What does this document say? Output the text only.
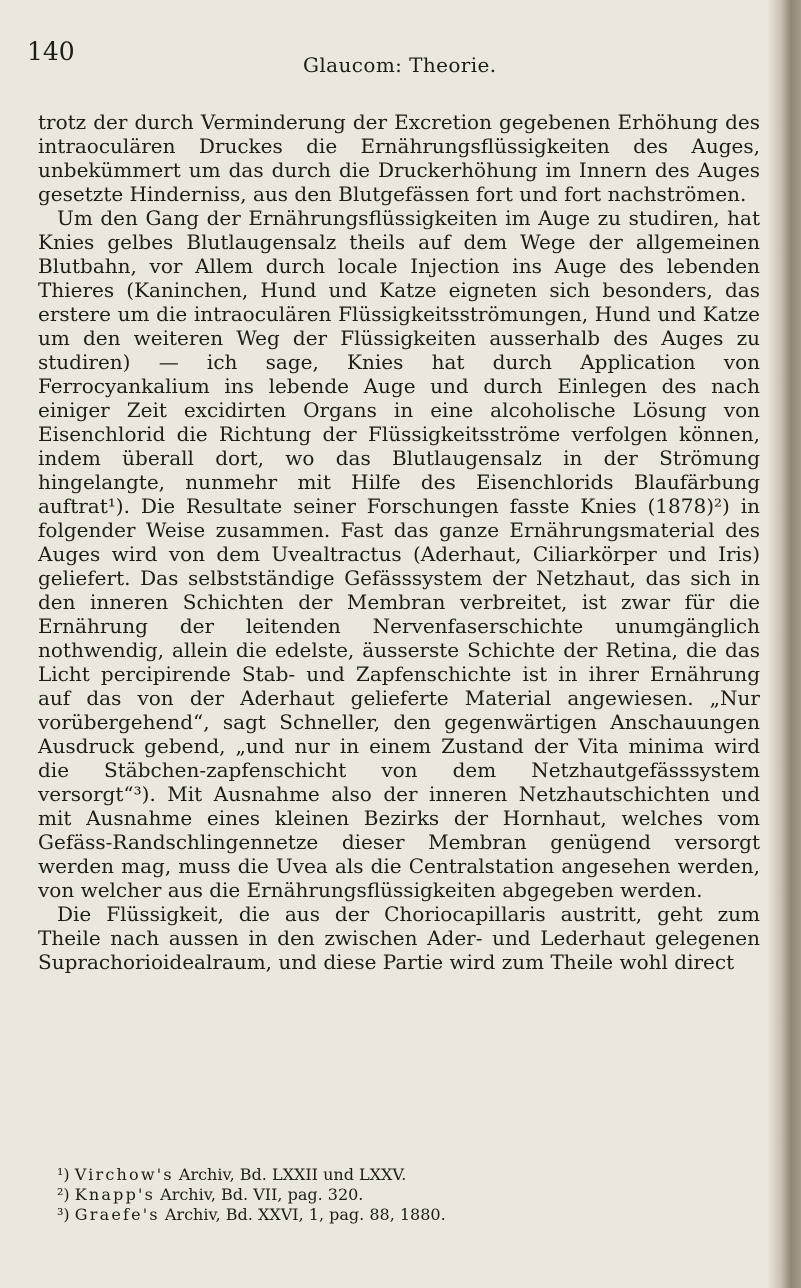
140	Glaucom: Theorie.

trotz der durch Verminderung der Excretion gegebenen Erhöhung des intraoculären Druckes die Ernährungsflüssigkeiten des Auges, unbekümmert um das durch die Druckerhöhung im Innern des Auges gesetzte Hinderniss, aus den Blutgefässen fort und fort nachströmen.

Um den Gang der Ernährungsflüssigkeiten im Auge zu studiren, hat Knies gelbes Blutlaugensalz theils auf dem Wege der allgemeinen Blutbahn, vor Allem durch locale Injection ins Auge des lebenden Thieres (Kaninchen, Hund und Katze eigneten sich besonders, das erstere um die intraoculären Flüssigkeitsströmungen, Hund und Katze um den weiteren Weg der Flüssigkeiten ausserhalb des Auges zu studiren) — ich sage, Knies hat durch Application von Ferrocyankalium ins lebende Auge und durch Einlegen des nach einiger Zeit excidirten Organs in eine alcoholische Lösung von Eisenchlorid die Richtung der Flüssigkeitsströme verfolgen können, indem überall dort, wo das Blutlaugensalz in der Strömung hingelangte, nunmehr mit Hilfe des Eisenchlorids Blaufärbung auftrat¹). Die Resultate seiner Forschungen fasste Knies (1878)²) in folgender Weise zusammen. Fast das ganze Ernährungsmaterial des Auges wird von dem Uvealtractus (Aderhaut, Ciliarkörper und Iris) geliefert. Das selbstständige Gefässsystem der Netzhaut, das sich in den inneren Schichten der Membran verbreitet, ist zwar für die Ernährung der leitenden Nervenfaserschichte unumgänglich nothwendig, allein die edelste, äusserste Schichte der Retina, die das Licht percipirende Stab- und Zapfenschichte ist in ihrer Ernährung auf das von der Aderhaut gelieferte Material angewiesen. „Nur vorübergehend“, sagt Schneller, den gegenwärtigen Anschauungen Ausdruck gebend, „und nur in einem Zustand der Vita minima wird die Stäbchen-zapfenschicht von dem Netzhautgefässsystem versorgt“³). Mit Ausnahme also der inneren Netzhautschichten und mit Ausnahme eines kleinen Bezirks der Hornhaut, welches vom Gefäss-Randschlingennetze dieser Membran genügend versorgt werden mag, muss die Uvea als die Centralstation angesehen werden, von welcher aus die Ernährungsflüssigkeiten abgegeben werden.

Die Flüssigkeit, die aus der Choriocapillaris austritt, geht zum Theile nach aussen in den zwischen Ader- und Lederhaut gelegenen Suprachorioidealraum, und diese Partie wird zum Theile wohl direct

¹) Virchow's Archiv, Bd. LXXII und LXXV.

²) Knapp's Archiv, Bd. VII, pag. 320.

³) Graefe's Archiv, Bd. XXVI, 1, pag. 88, 1880.
